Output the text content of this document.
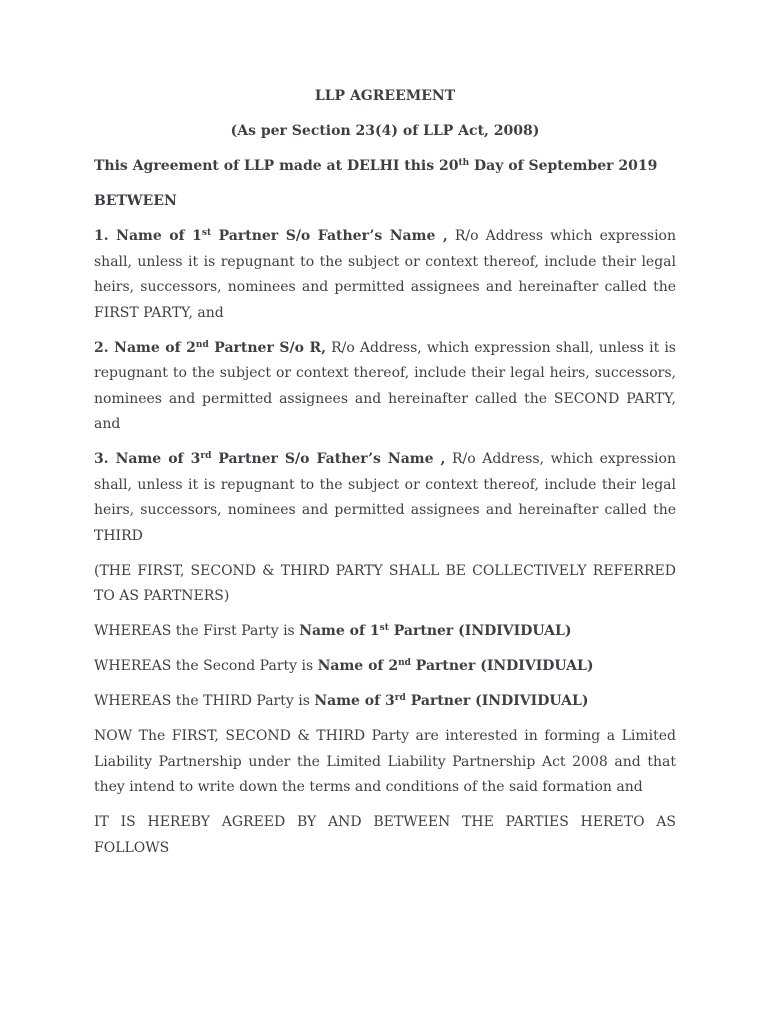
LLP AGREEMENT

(As per Section 23(4) of LLP Act, 2008)

This Agreement of LLP made at DELHI this 20th Day of September 2019

BETWEEN

1. Name of 1st Partner S/o Father’s Name , R/o Address which expression shall, unless it is repugnant to the subject or context thereof, include their legal heirs, successors, nominees and permitted assignees and hereinafter called the FIRST PARTY, and

2. Name of 2nd Partner S/o R, R/o Address, which expression shall, unless it is repugnant to the subject or context thereof, include their legal heirs, successors, nominees and permitted assignees and hereinafter called the SECOND PARTY, and

3. Name of 3rd Partner S/o Father’s Name , R/o Address, which expression shall, unless it is repugnant to the subject or context thereof, include their legal heirs, successors, nominees and permitted assignees and hereinafter called the THIRD

(THE FIRST, SECOND & THIRD PARTY SHALL BE COLLECTIVELY REFERRED TO AS PARTNERS)

WHEREAS the First Party is Name of 1st Partner (INDIVIDUAL)

WHEREAS the Second Party is Name of 2nd Partner (INDIVIDUAL)

WHEREAS the THIRD Party is Name of 3rd Partner (INDIVIDUAL)

NOW The FIRST, SECOND & THIRD Party are interested in forming a Limited Liability Partnership under the Limited Liability Partnership Act 2008 and that they intend to write down the terms and conditions of the said formation and

IT IS HEREBY AGREED BY AND BETWEEN THE PARTIES HERETO AS FOLLOWS
